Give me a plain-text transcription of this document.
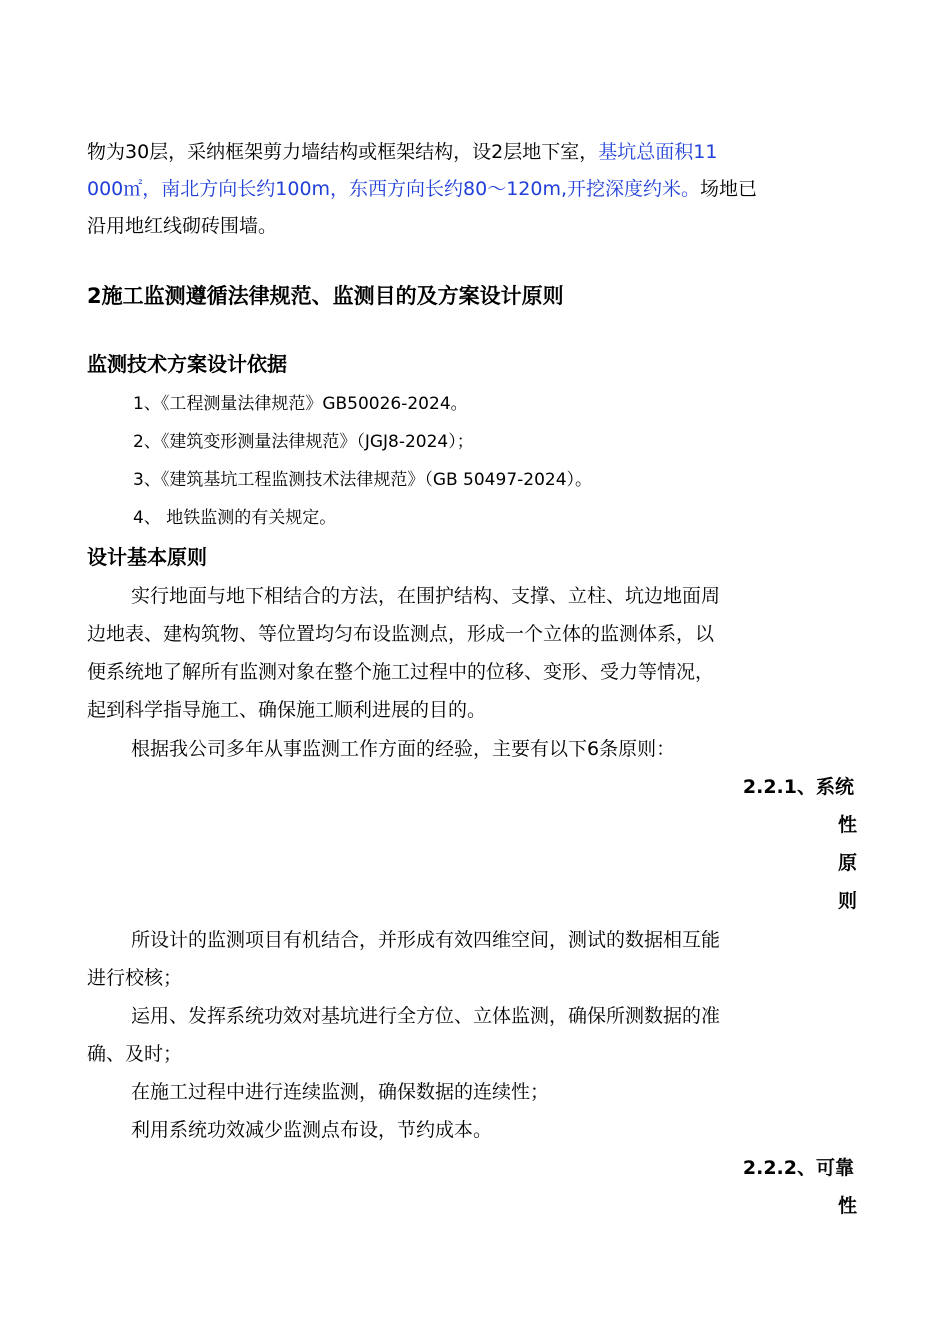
物为30层，采纳框架剪力墙结构或框架结构，设2层地下室，基坑总面积11
000㎡，南北方向长约100m，东西方向长约80～120m,开挖深度约米。场地已
沿用地红线砌砖围墙。
2施工监测遵循法律规范、监测目的及方案设计原则
监测技术方案设计依据
1、《工程测量法律规范》GB50026-2024。
2、《建筑变形测量法律规范》（JGJ8-2024）；
3、《建筑基坑工程监测技术法律规范》（GB 50497-2024）。
4、 地铁监测的有关规定。
设计基本原则
实行地面与地下相结合的方法，在围护结构、支撑、立柱、坑边地面周
边地表、建构筑物、等位置均匀布设监测点，形成一个立体的监测体系，以
便系统地了解所有监测对象在整个施工过程中的位移、变形、受力等情况，
起到科学指导施工、确保施工顺利进展的目的。
根据我公司多年从事监测工作方面的经验，主要有以下6条原则：
2.2.1、系统
性
原
则
所设计的监测项目有机结合，并形成有效四维空间，测试的数据相互能
进行校核；
运用、发挥系统功效对基坑进行全方位、立体监测，确保所测数据的准
确、及时；
在施工过程中进行连续监测，确保数据的连续性；
利用系统功效减少监测点布设，节约成本。
2.2.2、可靠
性
